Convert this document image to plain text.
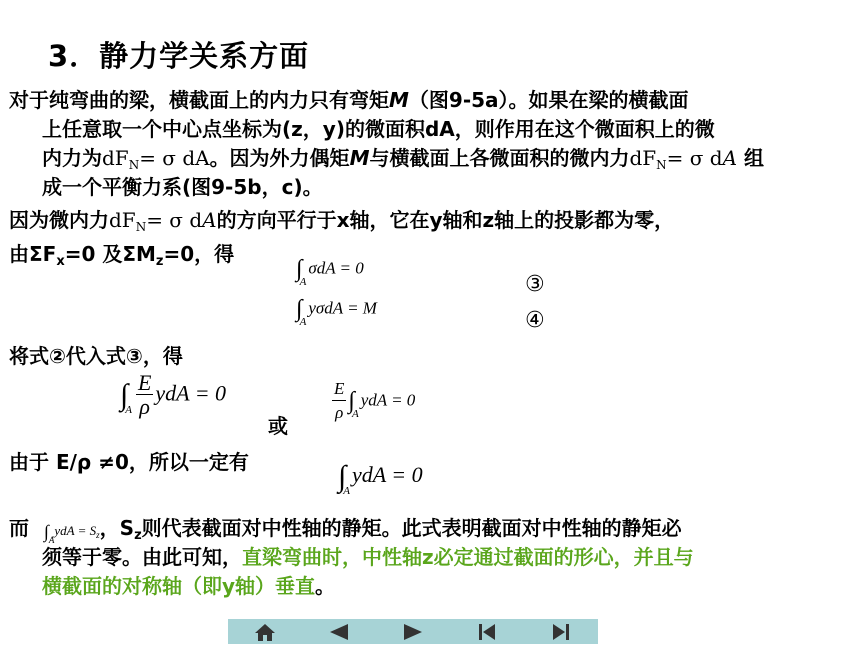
3．静力学关系方面
对于纯弯曲的梁，横截面上的内力只有弯矩M（图9-5a）。如果在梁的横截面
上任意取一个中心点坐标为(z，y)的微面积dA，则作用在这个微面积上的微
内力为$dF_N= \sigma$ dA。因为外力偶矩M与横截面上各微面积的微内力$dF_N= \sigma$ dA 组
成一个平衡力系(图9-5b，c)。
因为微内力$dF_N= \sigma$ dA的方向平行于x轴，它在y轴和z轴上的投影都为零，
由$\Sigma F_x=0$ 及$\Sigma M_z=0$，得
$\int_A\sigma dA = 0$
③
$\int_Ay\sigma dA = M$
④
将式②代入式③，得
$\int_A \frac{E}{\rho}$ ydA = 0
或
$\frac{E}{\rho} \int_AydA = 0$
由于 E/ρ ≠0，所以一定有	$\int_AydA = 0$
而 $\int_AydA = S_z$，$S_z$则代表截面对中性轴的静矩。此式表明截面对中性轴的静矩必
须等于零。由此可知，直梁弯曲时，中性轴z必定通过截面的形心，并且与
横截面的对称轴（即y轴）垂直。
